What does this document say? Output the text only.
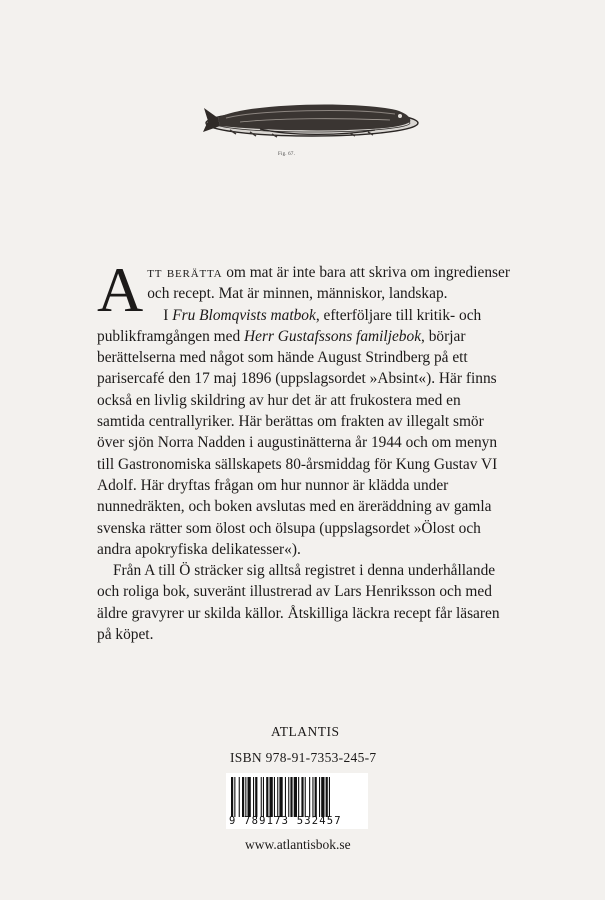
Fig. 67.

Att berätta om mat är inte bara att skriva om ingredienser och recept. Mat är minnen, människor, landskap.

I Fru Blomqvists matbok, efterföljare till kritik- och publikframgången med Herr Gustafssons familjebok, börjar berättelserna med något som hände August Strindberg på ett parisercafé den 17 maj 1896 (uppslagsordet »Absint«). Här finns också en livlig skildring av hur det är att frukostera med en samtida centrallyriker. Här berättas om frakten av illegalt smör över sjön Norra Nadden i augustinätterna år 1944 och om menyn till Gastronomiska sällskapets 80-årsmiddag för Kung Gustav VI Adolf. Här dryftas frågan om hur nunnor är klädda under nunnedräkten, och boken avslutas med en äreräddning av gamla svenska rätter som ölost och ölsupa (uppslagsordet »Ölost och andra apokryfiska delikatesser«).

Från A till Ö sträcker sig alltså registret i denna underhållande och roliga bok, suveränt illustrerad av Lars Henriksson och med äldre gravyrer ur skilda källor. Åtskilliga läckra recept får läsaren på köpet.

ATLANTIS
ISBN 978-91-7353-245-7
9 789173 532457
www.atlantisbok.se
